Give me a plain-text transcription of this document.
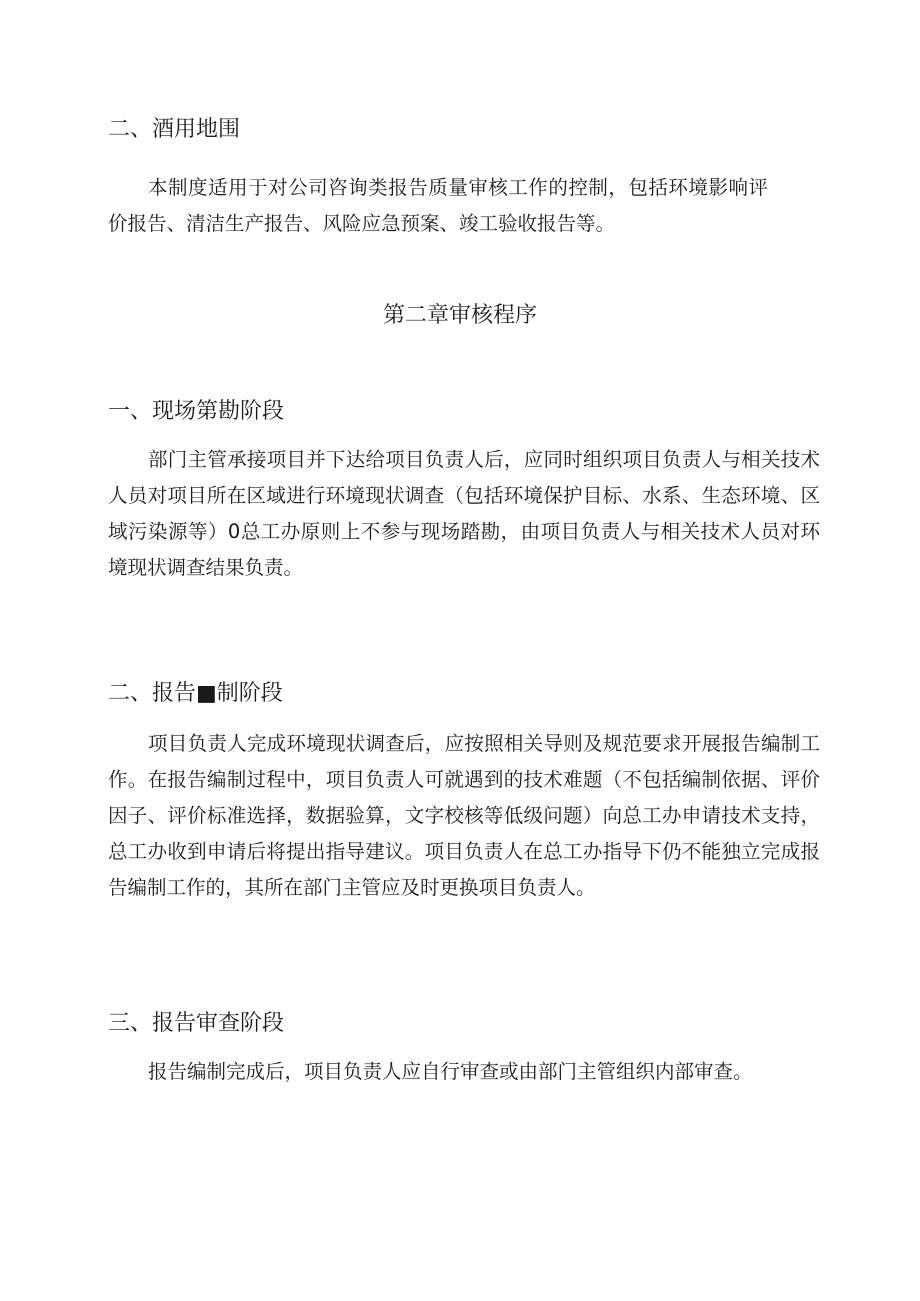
二、酒用地围
本制度适用于对公司咨询类报告质量审核工作的控制，包括环境影响评价报告、清洁生产报告、风险应急预案、竣工验收报告等。
第二章审核程序
一、现场第勘阶段
部门主管承接项目并下达给项目负责人后，应同时组织项目负责人与相关技术人员对项目所在区域进行环境现状调查（包括环境保护目标、水系、生态环境、区域污染源等）0总工办原则上不参与现场踏勘，由项目负责人与相关技术人员对环境现状调查结果负责。
二、报告■制阶段
项目负责人完成环境现状调查后，应按照相关导则及规范要求开展报告编制工作。在报告编制过程中，项目负责人可就遇到的技术难题（不包括编制依据、评价因子、评价标准选择，数据验算，文字校核等低级问题）向总工办申请技术支持，总工办收到申请后将提出指导建议。项目负责人在总工办指导下仍不能独立完成报告编制工作的，其所在部门主管应及时更换项目负责人。
三、报告审查阶段
报告编制完成后，项目负责人应自行审查或由部门主管组织内部审查。
